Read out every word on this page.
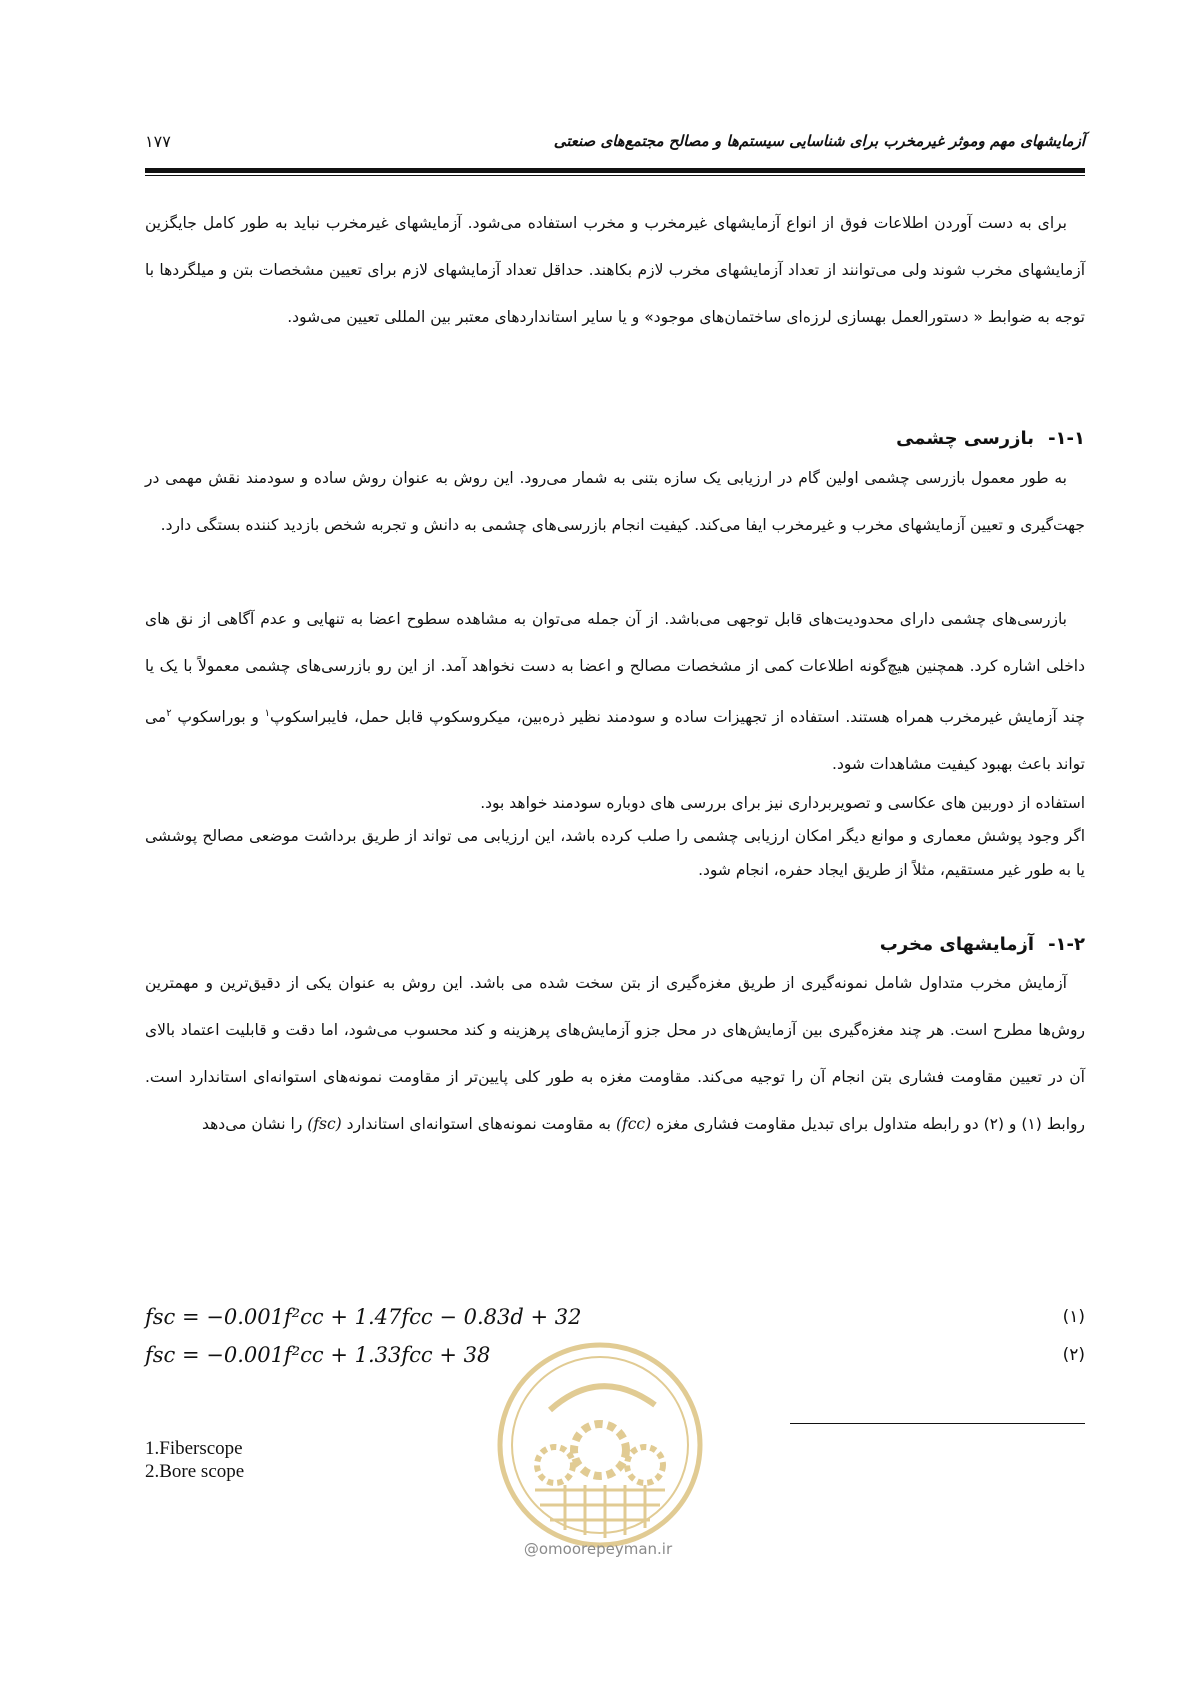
آزمایشهای مهم وموثر غیرمخرب برای شناسایی سیستم‌ها و مصالح مجتمع‌های صنعتی
۱۷۷
برای به دست آوردن اطلاعات فوق از انواع آزمایشهای غیرمخرب و مخرب استفاده می‌شود. آزمایشهای غیرمخرب نباید به طور کامل جایگزین آزمایشهای مخرب شوند ولی می‌توانند از تعداد آزمایشهای مخرب لازم بکاهند. حداقل تعداد آزمایشهای لازم برای تعیین مشخصات بتن و میلگردها با توجه به ضوابط « دستورالعمل بهسازی لرزه‌ای ساختمان‌های موجود» و یا سایر استانداردهای معتبر بین المللی تعیین می‌شود.
۱-۱-بازرسی چشمی
به طور معمول بازرسی چشمی اولین گام در ارزیابی یک سازه بتنی به شمار می‌رود. این روش به عنوان روش ساده و سودمند نقش مهمی در جهت‌گیری و تعیین آزمایشهای مخرب و غیرمخرب ایفا می‌کند. کیفیت انجام بازرسی‌های چشمی به دانش و تجربه شخص بازدید کننده بستگی دارد.
بازرسی‌های چشمی دارای محدودیت‌های قابل توجهی می‌باشد. از آن جمله می‌توان به مشاهده سطوح اعضا به تنهایی و عدم آگاهی از نق های داخلی اشاره کرد. همچنین هیچ‌گونه اطلاعات کمی از مشخصات مصالح و اعضا به دست نخواهد آمد. از این رو بازرسی‌های چشمی معمولاً با یک یا چند آزمایش غیرمخرب همراه هستند. استفاده از تجهیزات ساده و سودمند نظیر ذره‌بین، میکروسکوپ قابل حمل، فایبراسکوپ$^۱$ و بوراسکوپ $^۲$می تواند باعث بهبود کیفیت مشاهدات شود.
استفاده از دوربین های عکاسی و تصویربرداری نیز برای بررسی های دوباره سودمند خواهد بود.
اگر وجود پوشش معماری و موانع دیگر امکان ارزیابی چشمی را صلب کرده باشد، این ارزیابی می تواند از طریق برداشت موضعی مصالح پوششی یا به طور غیر مستقیم، مثلاً از طریق ایجاد حفره، انجام شود.
۱-۲-آزمایشهای مخرب
آزمایش مخرب متداول شامل نمونه‌گیری از طریق مغزه‌گیری از بتن سخت شده می باشد. این روش به عنوان یکی از دقیق‌ترین و مهمترین روش‌ها مطرح است. هر چند مغزه‌گیری بین آزمایش‌های در محل جزو آزمایش‌های پرهزینه و کند محسوب می‌شود، اما دقت و قابلیت اعتماد بالای آن در تعیین مقاومت فشاری بتن انجام آن را توجیه می‌کند. مقاومت مغزه به طور کلی پایین‌تر از مقاومت نمونه‌های استوانه‌ای استاندارد است. روابط (۱) و (۲) دو رابطه متداول برای تبدیل مقاومت فشاری مغزه (fcc) به مقاومت نمونه‌های استوانه‌ای استاندارد (fsc) را نشان می‌دهد
fsc = −0.001f²cc + 1.47fcc − 0.83d + 32	(۱)
fsc = −0.001f²cc + 1.33fcc + 38	(۲)
@omoorepeyman.ir
1.Fiberscope
2.Bore scope
